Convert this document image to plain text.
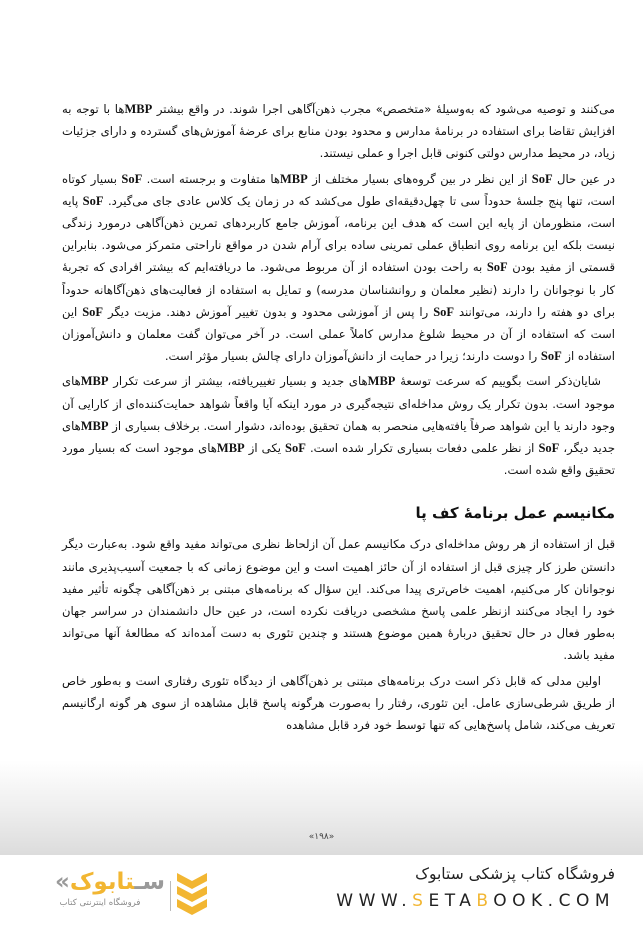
می‌کنند و توصیه می‌شود که به‌وسیلهٔ «متخصص» مجرب ذهن‌آگاهی اجرا شوند. در واقع بیشتر MBPها با توجه به افزایش تقاضا برای استفاده در برنامهٔ مدارس و محدود بودن منابع برای عرضهٔ آموزش‌های گسترده و دارای جزئیات زیاد، در محیط مدارس دولتی کنونی قابل اجرا و عملی نیستند.

در عین حال SoF از این نظر در بین گروه‌های بسیار مختلف از MBPها متفاوت و برجسته است. SoF بسیار کوتاه است، تنها پنج جلسهٔ حدوداً سی تا چهل‌دقیقه‌ای طول می‌کشد که در زمان یک کلاس عادی جای می‌گیرد. SoF پایه است، منظورمان از پایه این است که هدف این برنامه، آموزش جامع کاربردهای تمرین ذهن‌آگاهی درمورد زندگی نیست بلکه این برنامه روی انطباق عملی تمرینی ساده برای آرام شدن در مواقع ناراحتی متمرکز می‌شود. بنابراین قسمتی از مفید بودن SoF به راحت بودن استفاده از آن مربوط می‌شود. ما دریافته‌ایم که بیشتر افرادی که تجربهٔ کار با نوجوانان را دارند (نظیر معلمان و روانشناسان مدرسه) و تمایل به استفاده از فعالیت‌های ذهن‌آگاهانه حدوداً برای دو هفته را دارند، می‌توانند SoF را پس از آموزشی محدود و بدون تغییر آموزش دهند. مزیت دیگر SoF این است که استفاده از آن در محیط شلوغ مدارس کاملاً عملی است. در آخر می‌توان گفت معلمان و دانش‌آموزان استفاده از SoF را دوست دارند؛ زیرا در حمایت از دانش‌آموزان دارای چالش بسیار مؤثر است.

شایان‌ذکر است بگوییم که سرعت توسعهٔ MBPهای جدید و بسیار تغییریافته، بیشتر از سرعت تکرار MBPهای موجود است. بدون تکرار یک روش مداخله‌ای نتیجه‌گیری در مورد اینکه آیا واقعاً شواهد حمایت‌کننده‌ای از کارایی آن وجود دارند یا این شواهد صرفاً یافته‌هایی منحصر به همان تحقیق بوده‌اند، دشوار است. برخلاف بسیاری از MBPهای جدید دیگر، SoF از نظر علمی دفعات بسیاری تکرار شده است. SoF یکی از MBPهای موجود است که بسیار مورد تحقیق واقع شده است.

مکانیسم عمل برنامهٔ کف پا

قبل از استفاده از هر روش مداخله‌ای درک مکانیسم عمل آن ازلحاظ نظری می‌تواند مفید واقع شود. به‌عبارت دیگر دانستن طرز کار چیزی قبل از استفاده از آن حائز اهمیت است و این موضوع زمانی که با جمعیت آسیب‌پذیری مانند نوجوانان کار می‌کنیم، اهمیت خاص‌تری پیدا می‌کند. این سؤال که برنامه‌های مبتنی بر ذهن‌آگاهی چگونه تأثیر مفید خود را ایجاد می‌کنند ازنظر علمی پاسخ مشخصی دریافت نکرده است، در عین حال دانشمندان در سراسر جهان به‌طور فعال در حال تحقیق دربارهٔ همین موضوع هستند و چندین تئوری به دست آمده‌اند که مطالعهٔ آنها می‌تواند مفید باشد.

اولین مدلی که قابل ذکر است درک برنامه‌های مبتنی بر ذهن‌آگاهی از دیدگاه تئوری رفتاری است و به‌طور خاص از طریق شرطی‌سازی عامل. این تئوری، رفتار را به‌صورت هرگونه پاسخ قابل مشاهده از سوی هر گونه ارگانیسم تعریف می‌کند، شامل پاسخ‌هایی که تنها توسط خود فرد قابل مشاهده

«۱۹۸»
«سـتابوک
فروشگاه اینترنتی کتاب
فروشگاه کتاب پزشکی ستابوک
WWW.SETABOOK.COM
